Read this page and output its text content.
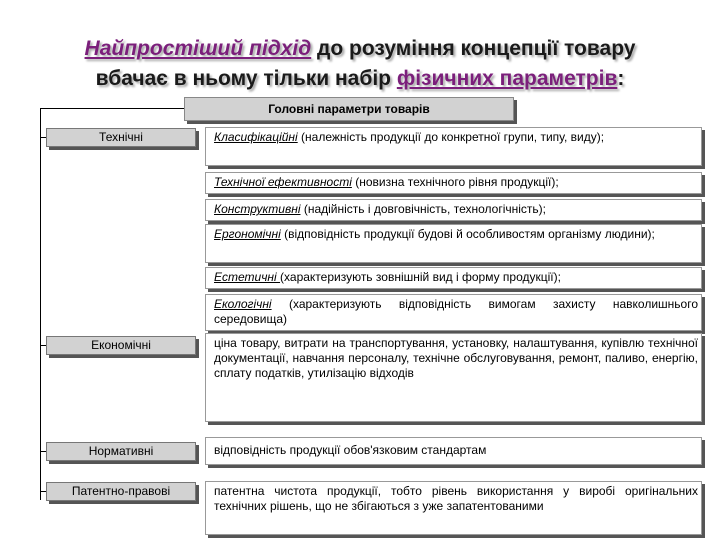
Найпростіший підхід до розуміння концепції товару
вбачає в ньому тільки набір фізичних параметрів:
Головні параметри товарів
Технічні	Класифікаційні (належність продукції до конкретної групи, типу, виду);
Технічної ефективності (новизна технічного рівня продукції);
Конструктивні (надійність і довговічність, технологічність);
Ергономічні (відповідність продукції будові й особливостям організму людини);
Естетичні (характеризують зовнішній вид і форму продукції);
Екологічні (характеризують відповідність вимогам захисту навколишнього середовища)
Економічні	ціна товару, витрати на транспортування, установку, налаштування, купівлю технічної документації, навчання персоналу, технічне обслуговування, ремонт, паливо, енергію, сплату податків, утилізацію відходів
Нормативні	відповідність продукції обов'язковим стандартам
Патентно-правові	патентна чистота продукції, тобто рівень використання у виробі оригінальних технічних рішень, що не збігаються з уже запатентованими
